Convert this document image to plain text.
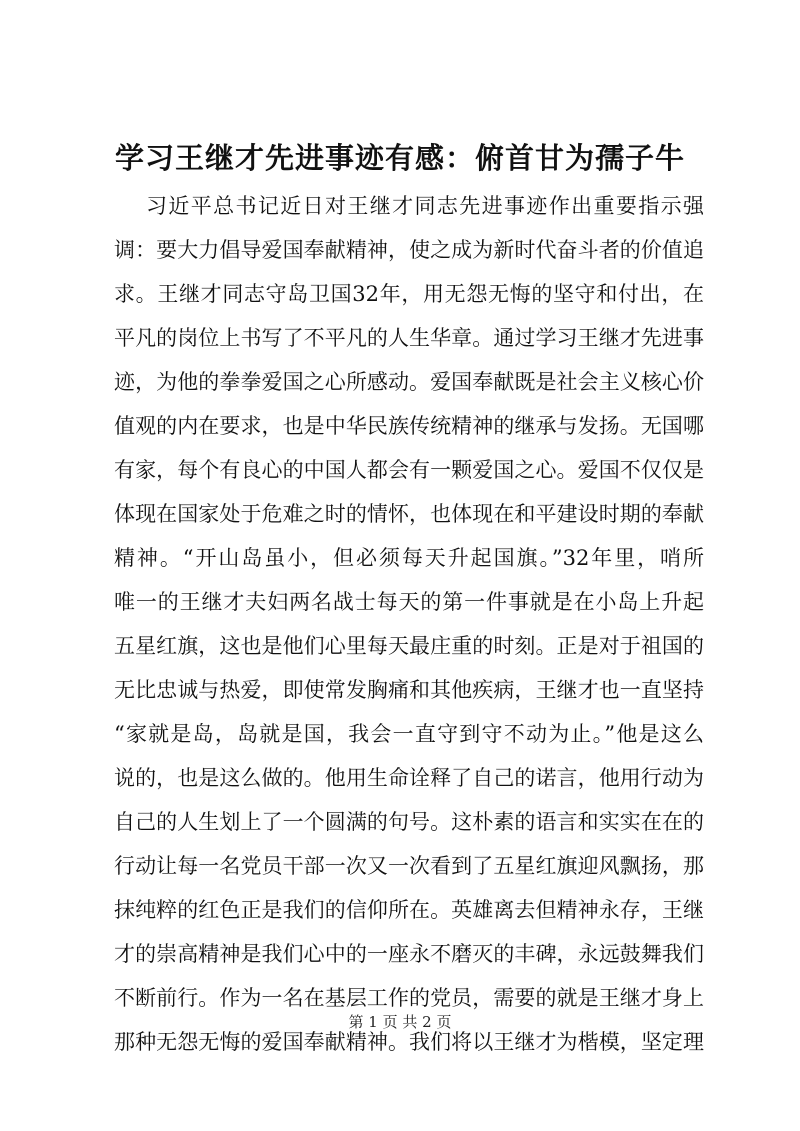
学习王继才先进事迹有感：俯首甘为孺子牛
习近平总书记近日对王继才同志先进事迹作出重要指示强
调：要大力倡导爱国奉献精神，使之成为新时代奋斗者的价值追
求。王继才同志守岛卫国32年，用无怨无悔的坚守和付出，在
平凡的岗位上书写了不平凡的人生华章。通过学习王继才先进事
迹，为他的拳拳爱国之心所感动。爱国奉献既是社会主义核心价
值观的内在要求，也是中华民族传统精神的继承与发扬。无国哪
有家，每个有良心的中国人都会有一颗爱国之心。爱国不仅仅是
体现在国家处于危难之时的情怀，也体现在和平建设时期的奉献
精神。“开山岛虽小，但必须每天升起国旗。”32年里，哨所
唯一的王继才夫妇两名战士每天的第一件事就是在小岛上升起
五星红旗，这也是他们心里每天最庄重的时刻。正是对于祖国的
无比忠诚与热爱，即使常发胸痛和其他疾病，王继才也一直坚持
“家就是岛，岛就是国，我会一直守到守不动为止。”他是这么
说的，也是这么做的。他用生命诠释了自己的诺言，他用行动为
自己的人生划上了一个圆满的句号。这朴素的语言和实实在在的
行动让每一名党员干部一次又一次看到了五星红旗迎风飘扬，那
抹纯粹的红色正是我们的信仰所在。英雄离去但精神永存，王继
才的崇高精神是我们心中的一座永不磨灭的丰碑，永远鼓舞我们
不断前行。作为一名在基层工作的党员，需要的就是王继才身上
那种无怨无悔的爱国奉献精神。我们将以王继才为楷模，坚定理
第 1 页 共 2 页
